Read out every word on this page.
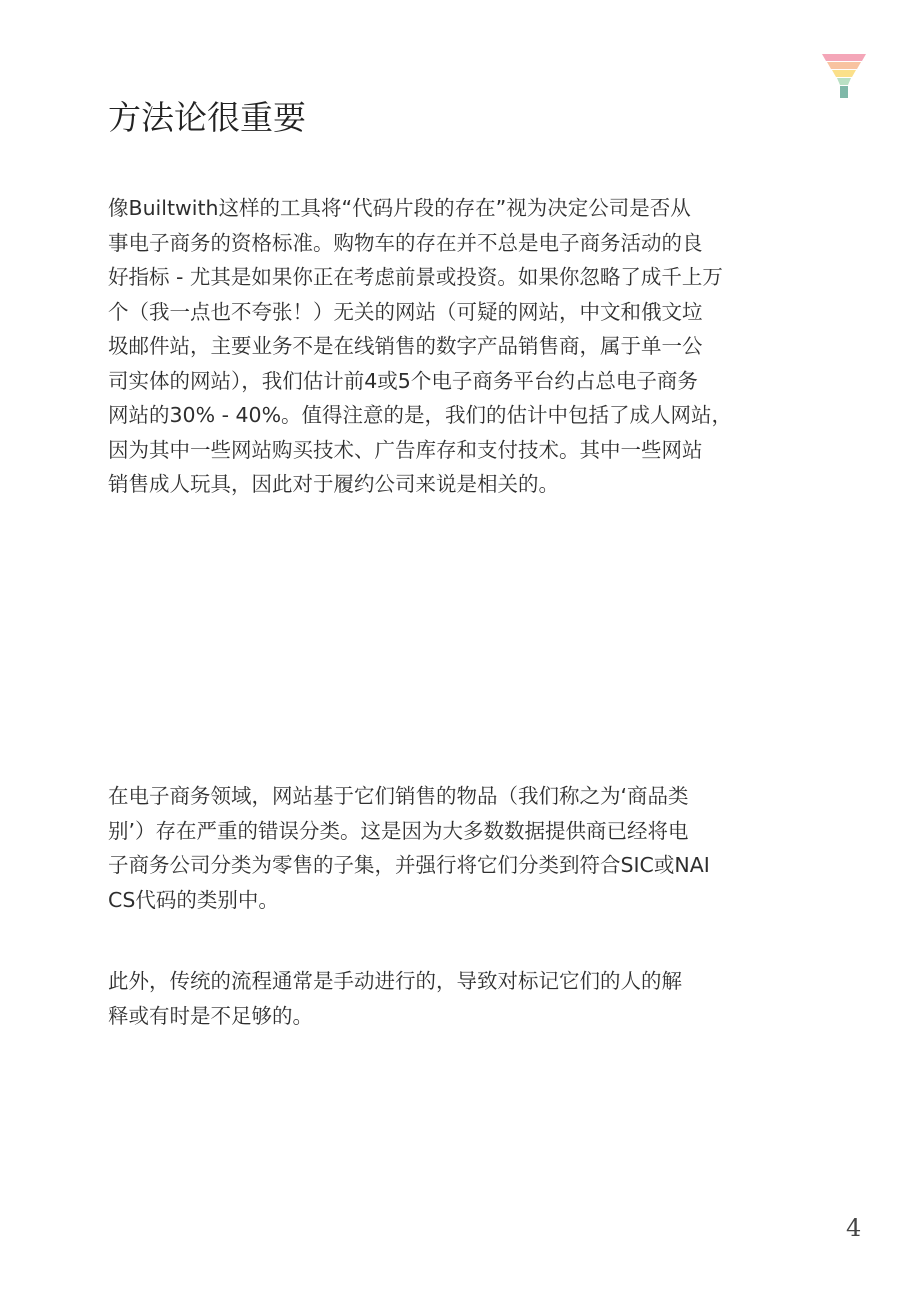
方法论很重要

像Builtwith这样的工具将“代码片段的存在”视为决定公司是否从
事电子商务的资格标准。购物车的存在并不总是电子商务活动的良
好指标 - 尤其是如果你正在考虑前景或投资。如果你忽略了成千上万
个（我一点也不夸张！）无关的网站（可疑的网站，中文和俄文垃
圾邮件站，主要业务不是在线销售的数字产品销售商，属于单一公
司实体的网站），我们估计前4或5个电子商务平台约占总电子商务
网站的30% - 40%。值得注意的是，我们的估计中包括了成人网站，
因为其中一些网站购买技术、广告库存和支付技术。其中一些网站
销售成人玩具，因此对于履约公司来说是相关的。

在电子商务领域，网站基于它们销售的物品（我们称之为‘商品类
别’）存在严重的错误分类。这是因为大多数数据提供商已经将电
子商务公司分类为零售的子集，并强行将它们分类到符合SIC或NAI
CS代码的类别中。

此外，传统的流程通常是手动进行的，导致对标记它们的人的解
释或有时是不足够的。

4
